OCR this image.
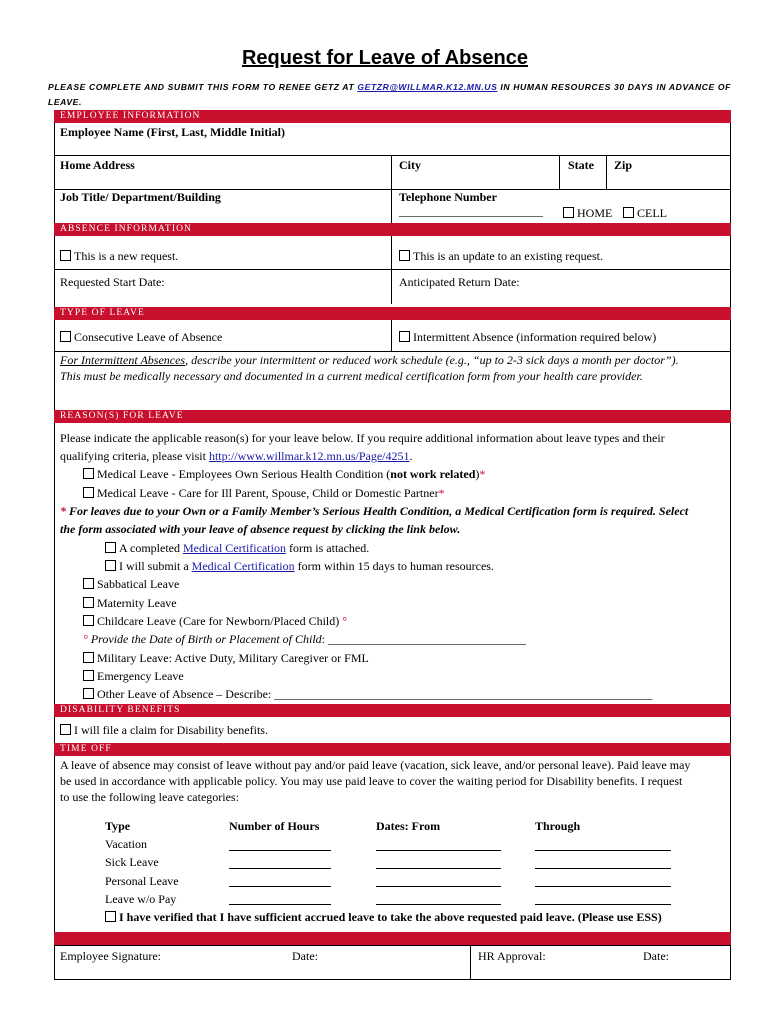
Request for Leave of Absence
PLEASE COMPLETE AND SUBMIT THIS FORM TO RENEE GETZ AT GETZR@WILLMAR.K12.MN.US IN HUMAN RESOURCES 30 DAYS IN ADVANCE OF LEAVE.
EMPLOYEE INFORMATION
Employee Name (First, Last, Middle Initial)
Home Address	City	State Zip
Job Title/ Department/Building	Telephone Number
________________________	HOME	CELL
ABSENCE INFORMATION
This is a new request.	This is an update to an existing request.
Requested Start Date:	Anticipated Return Date:
TYPE OF LEAVE
Consecutive Leave of Absence	Intermittent Absence (information required below)
For Intermittent Absences, describe your intermittent or reduced work schedule (e.g., “up to 2-3 sick days a month per doctor”).
This must be medically necessary and documented in a current medical certification form from your health care provider.
REASON(S) FOR LEAVE
Please indicate the applicable reason(s) for your leave below. If you require additional information about leave types and their
qualifying criteria, please visit http://www.willmar.k12.mn.us/Page/4251.
Medical Leave - Employees Own Serious Health Condition (not work related)*
Medical Leave - Care for Ill Parent, Spouse, Child or Domestic Partner*
* For leaves due to your Own or a Family Member’s Serious Health Condition, a Medical Certification form is required. Select
the form associated with your leave of absence request by clicking the link below.
A completed Medical Certification form is attached.
I will submit a Medical Certification form within 15 days to human resources.
Sabbatical Leave
Maternity Leave
Childcare Leave (Care for Newborn/Placed Child) °
° Provide the Date of Birth or Placement of Child: _________________________________
Military Leave: Active Duty, Military Caregiver or FML
Emergency Leave
Other Leave of Absence – Describe: _______________________________________________________________
DISABILITY BENEFITS
I will file a claim for Disability benefits.
TIME OFF
A leave of absence may consist of leave without pay and/or paid leave (vacation, sick leave, and/or personal leave). Paid leave may
be used in accordance with applicable policy. You may use paid leave to cover the waiting period for Disability benefits. I request
to use the following leave categories:
Type	Number of Hours	Dates: From	Through
Vacation
Sick Leave
Personal Leave
Leave w/o Pay
I have verified that I have sufficient accrued leave to take the above requested paid leave. (Please use ESS)
Employee Signature:	Date:	HR Approval:	Date:
